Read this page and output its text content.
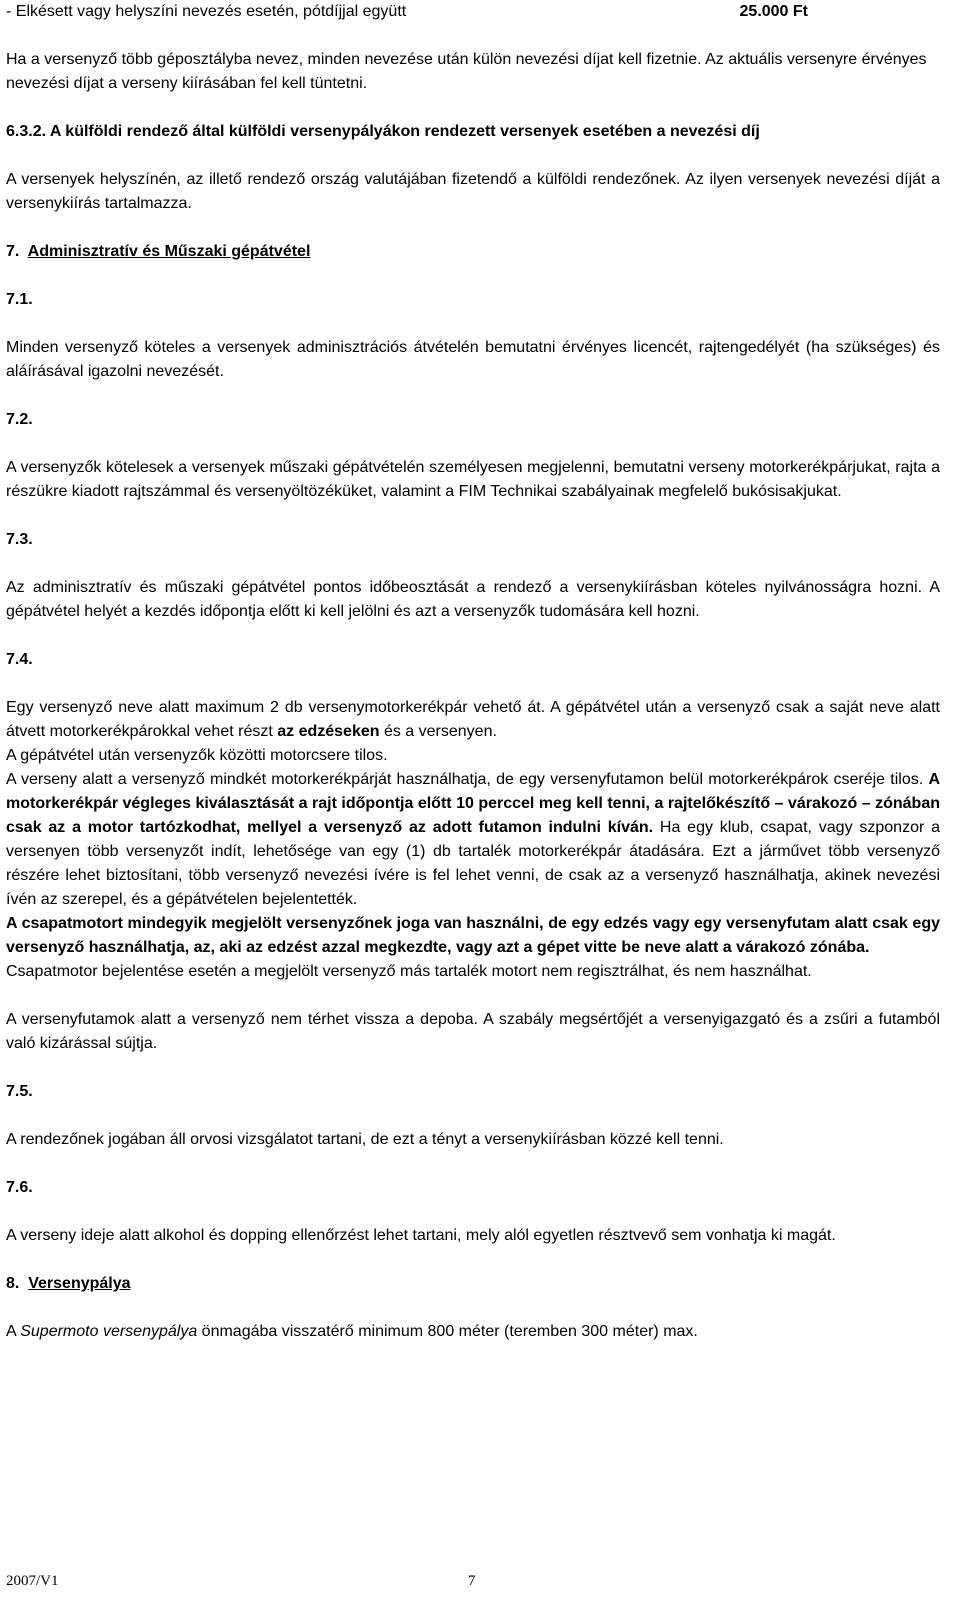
- Elkésett vagy helyszíni nevezés esetén, pótdíjjal együtt	25.000 Ft

Ha a versenyző több géposztályba nevez, minden nevezése után külön nevezési díjat kell fizetnie. Az aktuális versenyre érvényes nevezési díjat a verseny kiírásában fel kell tüntetni.

6.3.2. A külföldi rendező által külföldi versenypályákon rendezett versenyek esetében a nevezési díj

A versenyek helyszínén, az illető rendező ország valutájában fizetendő a külföldi rendezőnek. Az ilyen versenyek nevezési díját a versenykiírás tartalmazza.

7. Adminisztratív és Műszaki gépátvétel

7.1.

Minden versenyző köteles a versenyek adminisztrációs átvételén bemutatni érvényes licencét, rajtengedélyét (ha szükséges) és aláírásával igazolni nevezését.

7.2.

A versenyzők kötelesek a versenyek műszaki gépátvételén személyesen megjelenni, bemutatni verseny motorkerékpárjukat, rajta a részükre kiadott rajtszámmal és versenyöltözéküket, valamint a FIM Technikai szabályainak megfelelő bukósisakjukat.

7.3.

Az adminisztratív és műszaki gépátvétel pontos időbeosztását a rendező a versenykiírásban köteles nyilvánosságra hozni. A gépátvétel helyét a kezdés időpontja előtt ki kell jelölni és azt a versenyzők tudomására kell hozni.

7.4.

Egy versenyző neve alatt maximum 2 db versenymotorkerékpár vehető át. A gépátvétel után a versenyző csak a saját neve alatt átvett motorkerékpárokkal vehet részt az edzéseken és a versenyen.

A gépátvétel után versenyzők közötti motorcsere tilos.

A verseny alatt a versenyző mindkét motorkerékpárját használhatja, de egy versenyfutamon belül motorkerékpárok cseréje tilos. A motorkerékpár végleges kiválasztását a rajt időpontja előtt 10 perccel meg kell tenni, a rajtelőkészítő – várakozó – zónában csak az a motor tartózkodhat, mellyel a versenyző az adott futamon indulni kíván. Ha egy klub, csapat, vagy szponzor a versenyen több versenyzőt indít, lehetősége van egy (1) db tartalék motorkerékpár átadására. Ezt a járművet több versenyző részére lehet biztosítani, több versenyző nevezési ívére is fel lehet venni, de csak az a versenyző használhatja, akinek nevezési ívén az szerepel, és a gépátvételen bejelentették.

A csapatmotort mindegyik megjelölt versenyzőnek joga van használni, de egy edzés vagy egy versenyfutam alatt csak egy versenyző használhatja, az, aki az edzést azzal megkezdte, vagy azt a gépet vitte be neve alatt a várakozó zónába.

Csapatmotor bejelentése esetén a megjelölt versenyző más tartalék motort nem regisztrálhat, és nem használhat.

A versenyfutamok alatt a versenyző nem térhet vissza a depoba. A szabály megsértőjét a versenyigazgató és a zsűri a futamból való kizárással sújtja.

7.5.

A rendezőnek jogában áll orvosi vizsgálatot tartani, de ezt a tényt a versenykiírásban közzé kell tenni.

7.6.

A verseny ideje alatt alkohol és dopping ellenőrzést lehet tartani, mely alól egyetlen résztvevő sem vonhatja ki magát.

8. Versenypálya

A Supermoto versenypálya önmagába visszatérő minimum 800 méter (teremben 300 méter) max.

2007/V1	7
